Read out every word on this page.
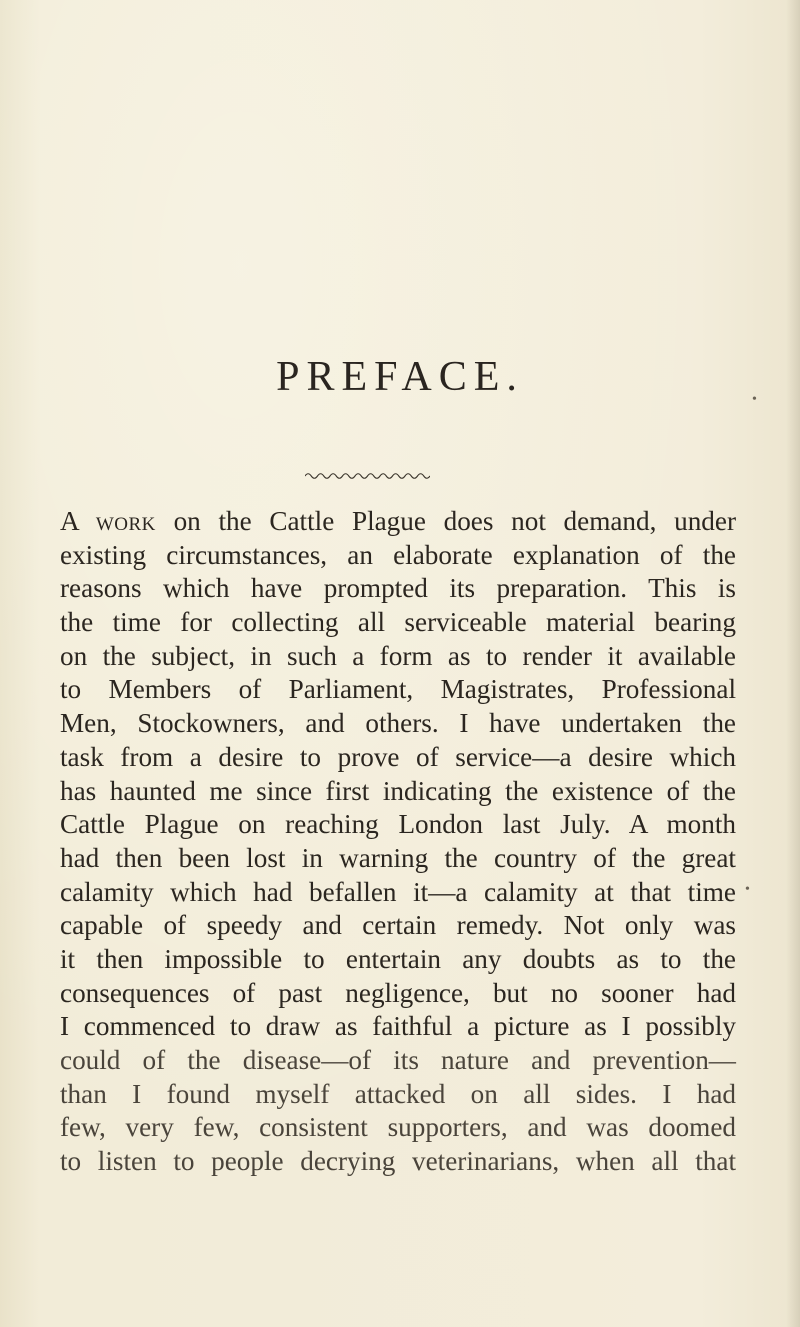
PREFACE.
A work on the Cattle Plague does not demand, under
existing circumstances, an elaborate explanation of the
reasons which have prompted its preparation. This is
the time for collecting all serviceable material bearing
on the subject, in such a form as to render it available
to Members of Parliament, Magistrates, Professional
Men, Stockowners, and others. I have undertaken the
task from a desire to prove of service—a desire which
has haunted me since first indicating the existence of the
Cattle Plague on reaching London last July. A month
had then been lost in warning the country of the great
calamity which had befallen it—a calamity at that time
capable of speedy and certain remedy. Not only was
it then impossible to entertain any doubts as to the
consequences of past negligence, but no sooner had
I commenced to draw as faithful a picture as I possibly
could of the disease—of its nature and prevention—
than I found myself attacked on all sides. I had
few, very few, consistent supporters, and was doomed
to listen to people decrying veterinarians, when all that
•
•
